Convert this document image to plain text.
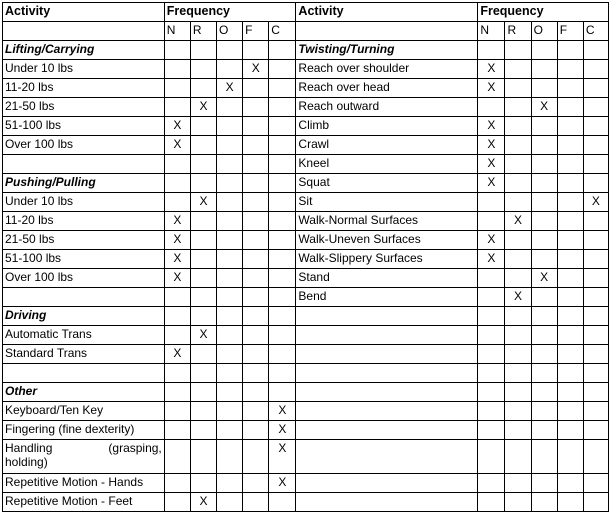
Activity	Frequency					Activity	Frequency				
	N	R	O	F	C		N	R	O	F	C
Lifting/Carrying						Twisting/Turning					
Under 10 lbs				X		Reach over shoulder	X				
11-20 lbs			X			Reach over head	X				
21-50 lbs		X				Reach outward			X		
51-100 lbs	X					Climb	X				
Over 100 lbs	X					Crawl	X				
						Kneel	X				
Pushing/Pulling						Squat	X				
Under 10 lbs		X				Sit					X
11-20 lbs	X					Walk-Normal Surfaces		X			
21-50 lbs	X					Walk-Uneven Surfaces	X				
51-100 lbs	X					Walk-Slippery Surfaces	X				
Over 100 lbs	X					Stand			X		
						Bend		X			
Driving											
Automatic Trans		X									
Standard Trans	X										

Other											
Keyboard/Ten Key					X						
Fingering (fine dexterity)					X						

Handling (grasping,
holding)					X						
Repetitive Motion - Hands					X						
Repetitive Motion - Feet		X									
